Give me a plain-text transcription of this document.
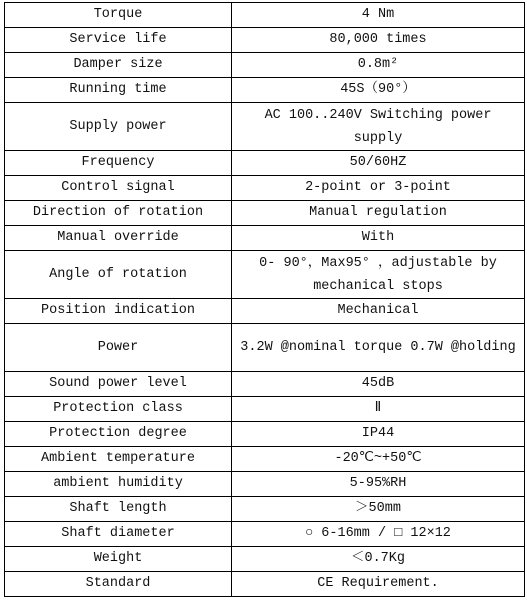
Torque	4 Nm
Service life	80,000 times
Damper size	0.8m²
Running time	45S（90°）
Supply power	AC 100..240V Switching power supply
Frequency	50/60HZ
Control signal	2-point or 3-point
Direction of rotation	Manual regulation
Manual override	With
Angle of rotation	0- 90°，Max95° ，adjustable by mechanical stops
Position indication	Mechanical
Power	3.2W @nominal torque 0.7W @holding
Sound power level	45dB
Protection class	Ⅱ
Protection degree	IP44
Ambient temperature	-20℃~+50℃
ambient humidity	5-95%RH
Shaft length	＞50mm
Shaft diameter	○ 6-16mm / □ 12×12
Weight	＜0.7Kg
Standard	CE Requirement.
